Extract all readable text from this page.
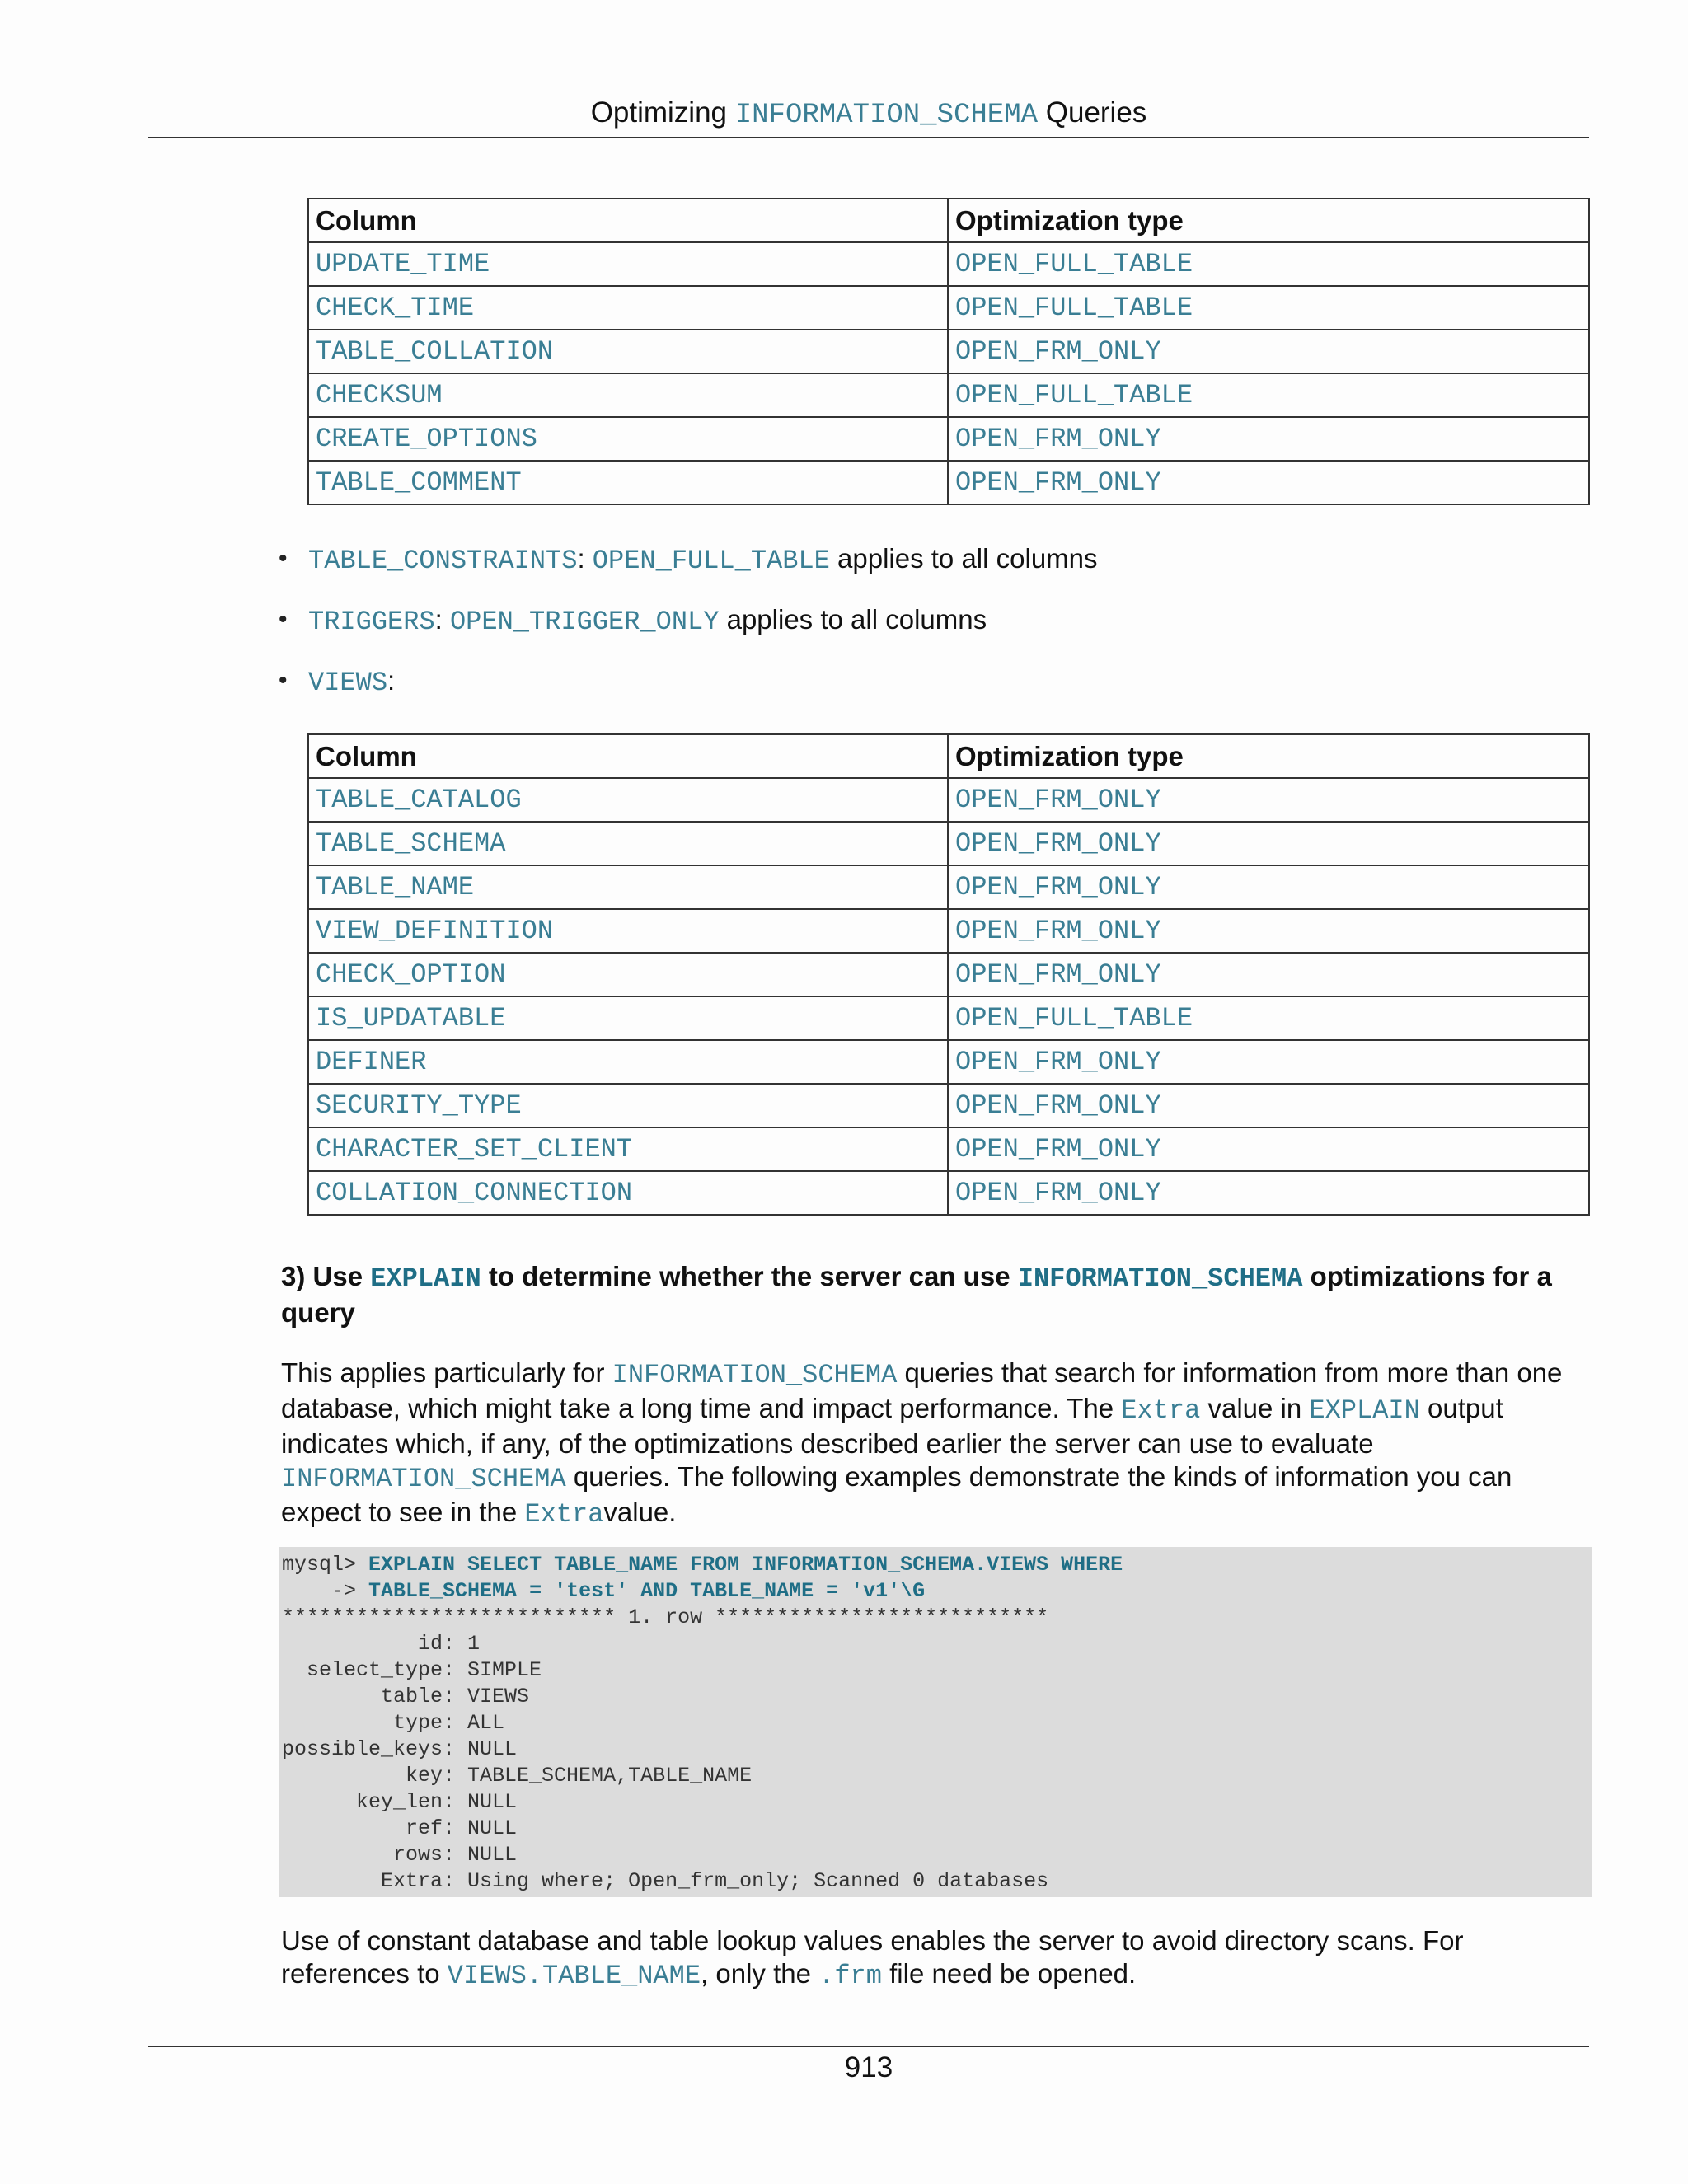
Optimizing INFORMATION_SCHEMA Queries
Column	Optimization type
UPDATE_TIME	OPEN_FULL_TABLE
CHECK_TIME	OPEN_FULL_TABLE
TABLE_COLLATION	OPEN_FRM_ONLY
CHECKSUM	OPEN_FULL_TABLE
CREATE_OPTIONS	OPEN_FRM_ONLY
TABLE_COMMENT	OPEN_FRM_ONLY
• TABLE_CONSTRAINTS: OPEN_FULL_TABLE applies to all columns
• TRIGGERS: OPEN_TRIGGER_ONLY applies to all columns
• VIEWS:
Column	Optimization type
TABLE_CATALOG	OPEN_FRM_ONLY
TABLE_SCHEMA	OPEN_FRM_ONLY
TABLE_NAME	OPEN_FRM_ONLY
VIEW_DEFINITION	OPEN_FRM_ONLY
CHECK_OPTION	OPEN_FRM_ONLY
IS_UPDATABLE	OPEN_FULL_TABLE
DEFINER	OPEN_FRM_ONLY
SECURITY_TYPE	OPEN_FRM_ONLY
CHARACTER_SET_CLIENT	OPEN_FRM_ONLY
COLLATION_CONNECTION	OPEN_FRM_ONLY
3) Use EXPLAIN to determine whether the server can use INFORMATION_SCHEMA optimizations for a query
This applies particularly for INFORMATION_SCHEMA queries that search for information from more than one database, which might take a long time and impact performance. The Extra value in EXPLAIN output indicates which, if any, of the optimizations described earlier the server can use to evaluate INFORMATION_SCHEMA queries. The following examples demonstrate the kinds of information you can expect to see in the Extravalue.
mysql> EXPLAIN SELECT TABLE_NAME FROM INFORMATION_SCHEMA.VIEWS WHERE
-> TABLE_SCHEMA = 'test' AND TABLE_NAME = 'v1'\G
*************************** 1. row ***************************
id: 1
select_type: SIMPLE
table: VIEWS
type: ALL
possible_keys: NULL
key: TABLE_SCHEMA,TABLE_NAME
key_len: NULL
ref: NULL
rows: NULL
Extra: Using where; Open_frm_only; Scanned 0 databases
Use of constant database and table lookup values enables the server to avoid directory scans. For references to VIEWS.TABLE_NAME, only the .frm file need be opened.
913
